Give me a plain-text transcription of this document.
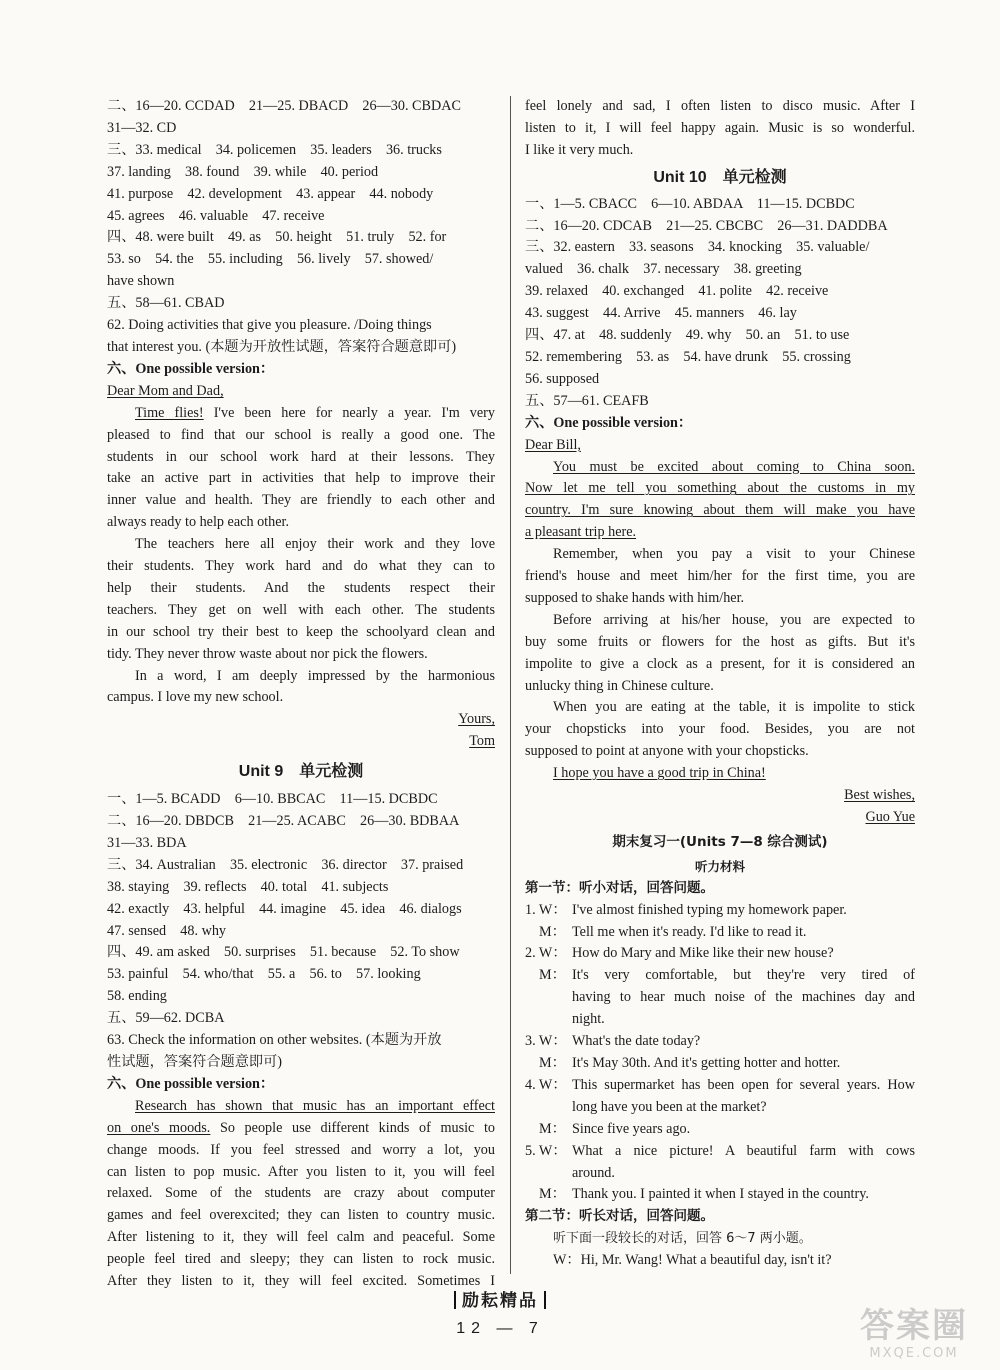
二、16—20. CCDAD　21—25. DBACD　26—30. CBDAC
31—32. CD
三、33. medical　34. policemen　35. leaders　36. trucks
37. landing　38. found　39. while　40. period
41. purpose　42. development　43. appear　44. nobody
45. agrees　46. valuable　47. receive
四、48. were built　49. as　50. height　51. truly　52. for
53. so　54. the　55. including　56. lively　57. showed/
have shown
五、58—61. CBAD
62. Doing activities that give you pleasure. /Doing things
that interest you. (本题为开放性试题，答案符合题意即可)
六、One possible version：
Dear Mom and Dad,
Time flies! I've been here for nearly a year. I'm very
pleased to find that our school is really a good one. The
students in our school work hard at their lessons. They
take an active part in activities that help to improve their
inner value and health. They are friendly to each other and
always ready to help each other.
The teachers here all enjoy their work and they love
their students. They work hard and do what they can to
help their students. And the students respect their
teachers. They get on well with each other. The students
in our school try their best to keep the schoolyard clean and
tidy. They never throw waste about nor pick the flowers.
In a word, I am deeply impressed by the harmonious
campus. I love my new school.
Yours,
Tom
Unit 9　单元检测
一、1—5. BCADD　6—10. BBCAC　11—15. DCBDC
二、16—20. DBDCB　21—25. ACABC　26—30. BDBAA
31—33. BDA
三、34. Australian　35. electronic　36. director　37. praised
38. staying　39. reflects　40. total　41. subjects
42. exactly　43. helpful　44. imagine　45. idea　46. dialogs
47. sensed　48. why
四、49. am asked　50. surprises　51. because　52. To show
53. painful　54. who/that　55. a　56. to　57. looking
58. ending
五、59—62. DCBA
63. Check the information on other websites. (本题为开放
性试题，答案符合题意即可)
六、One possible version：
Research has shown that music has an important effect
on one's moods. So people use different kinds of music to
change moods. If you feel stressed and worry a lot, you
can listen to pop music. After you listen to it, you will feel
relaxed. Some of the students are crazy about computer
games and feel overexcited; they can listen to country music.
After listening to it, they will feel calm and peaceful. Some
people feel tired and sleepy; they can listen to rock music.
After they listen to it, they will feel excited. Sometimes I
feel lonely and sad, I often listen to disco music. After I
listen to it, I will feel happy again. Music is so wonderful.
I like it very much.
Unit 10　单元检测
一、1—5. CBACC　6—10. ABDAA　11—15. DCBDC
二、16—20. CDCAB　21—25. CBCBC　26—31. DADDBA
三、32. eastern　33. seasons　34. knocking　35. valuable/
valued　36. chalk　37. necessary　38. greeting
39. relaxed　40. exchanged　41. polite　42. receive
43. suggest　44. Arrive　45. manners　46. lay
四、47. at　48. suddenly　49. why　50. an　51. to use
52. remembering　53. as　54. have drunk　55. crossing
56. supposed
五、57—61. CEAFB
六、One possible version：
Dear Bill,
You must be excited about coming to China soon.
Now let me tell you something about the customs in my
country. I'm sure knowing about them will make you have
a pleasant trip here.
Remember, when you pay a visit to your Chinese
friend's house and meet him/her for the first time, you are
supposed to shake hands with him/her.
Before arriving at his/her house, you are expected to
buy some fruits or flowers for the host as gifts. But it's
impolite to give a clock as a present, for it is considered an
unlucky thing in Chinese culture.
When you are eating at the table, it is impolite to stick
your chopsticks into your food. Besides, you are not
supposed to point at anyone with your chopsticks.
I hope you have a good trip in China!
Best wishes,
Guo Yue
期末复习一(Units 7—8 综合测试)
听力材料
第一节：听小对话，回答问题。
1. W： I've almost finished typing my homework paper.
M： Tell me when it's ready. I'd like to read it.
2. W： How do Mary and Mike like their new house?
M： It's very comfortable, but they're very tired of
having to hear much noise of the machines day and
night.
3. W： What's the date today?
M： It's May 30th. And it's getting hotter and hotter.
4. W： This supermarket has been open for several years. How
long have you been at the market?
M： Since five years ago.
5. W： What a nice picture! A beautiful farm with cows
around.
M： Thank you. I painted it when I stayed in the country.
第二节：听长对话，回答问题。
听下面一段较长的对话，回答 6～7 两小题。
W：Hi, Mr. Wang! What a beautiful day, isn't it?
励耘精品
12 — 7	答案圈
MXQE.COM
